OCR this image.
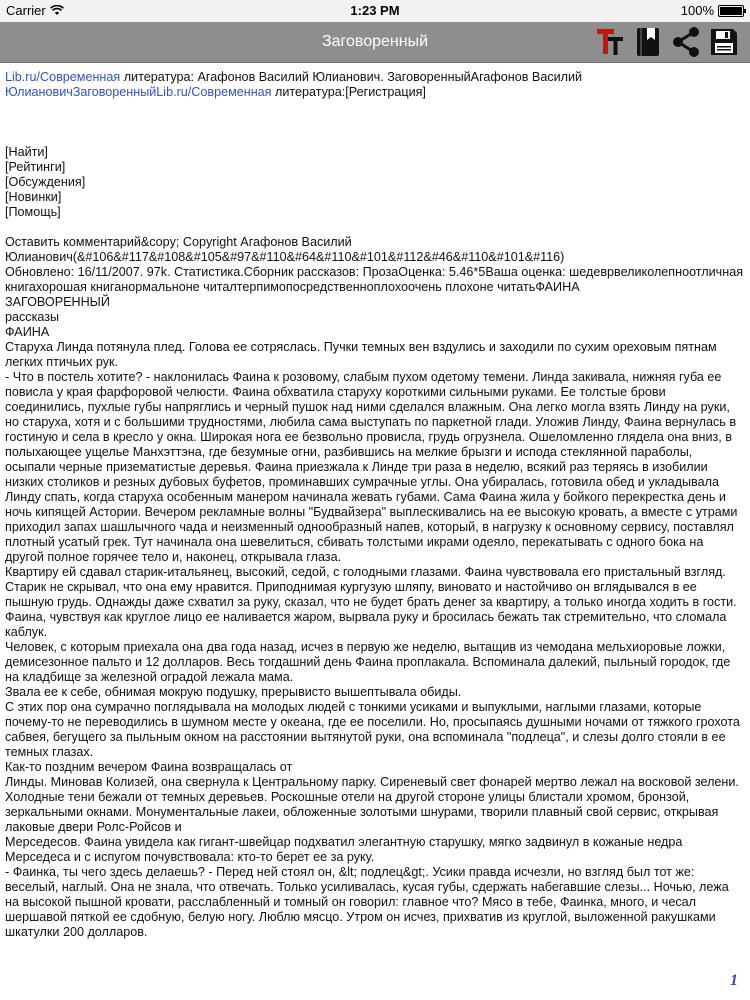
Carrier	1:23 PM	100%
Заговоренный

Lib.ru/Современная литература: Агафонов Василий Юлианович. ЗаговоренныйАгафонов Василий

ЮлиановичЗаговоренныйLib.ru/Современная литература:[Регистрация]

[Найти]

[Рейтинги]

[Обсуждения]

[Новинки]

[Помощь]

Оставить комментарий&copy; Copyright Агафонов Василий Юлианович(&#106&#117&#108&#105&#97&#110&#64&#110&#101&#112&#46&#110&#101&#116)

Обновлено: 16/11/2007. 97k. Статистика.Сборник рассказов: ПрозаОценка: 5.46*5Ваша оценка: шедеврвеликолепноотличная книгахорошая книганормальноне читалтерпимопосредственноплохоочень плохоне читатьФАИНА

ЗАГОВОРЕННЫЙ

рассказы

ФАИНА

Старуха Линда потянула плед. Голова ее сотряслась. Пучки темных вен вздулись и заходили по сухим ореховым пятнам легких птичьих рук.

- Что в постель хотите? - наклонилась Фаина к розовому, слабым пухом одетому темени. Линда закивала, нижняя губа ее повисла у края фарфоровой челюсти. Фаина обхватила старуху короткими сильными руками. Ее толстые брови соединились, пухлые губы напряглись и черный пушок над ними сделался влажным. Она легко могла взять Линду на руки, но старуха, хотя и с большими трудностями, любила сама выступать по паркетной глади. Уложив Линду, Фаина вернулась в гостиную и села в кресло у окна. Широкая нога ее безвольно провисла, грудь огрузнела. Ошеломленно глядела она вниз, в полыхающее ущелье Манхэттэна, где безумные огни, разбившись на мелкие брызги и испода стеклянной параболы, осыпали черные призематистые деревья. Фаина приезжала к Линде три раза в неделю, всякий раз теряясь в изобилии низких столиков и резных дубовых буфетов, проминавших сумрачные углы. Она убиралась, готовила обед и укладывала Линду спать, когда старуха особенным манером начинала жевать губами. Сама Фаина жила у бойкого перекрестка день и ночь кипящей Астории. Вечером рекламные волны "Будвайзера" выплескивались на ее высокую кровать, а вместе с утрами приходил запах шашлычного чада и неизменный однообразный напев, который, в нагрузку к основному сервису, поставлял плотный усатый грек. Тут начинала она шевелиться, сбивать толстыми икрами одеяло, перекатывать с одного бока на другой полное горячее тело и, наконец, открывала глаза.

Квартиру ей сдавал старик-итальянец, высокий, седой, с голодными глазами. Фаина чувствовала его пристальный взгляд. Старик не скрывал, что она ему нравится. Приподнимая кургузую шляпу, виновато и настойчиво он вглядывался в ее пышную грудь. Однажды даже схватил за руку, сказал, что не будет брать денег за квартиру, а только иногда ходить в гости. Фаина, чувствуя как круглое лицо ее наливается жаром, вырвала руку и бросилась бежать так стремительно, что сломала каблук.

Человек, с которым приехала она два года назад, исчез в первую же неделю, вытащив из чемодана мельхиоровые ложки, демисезонное пальто и 12 долларов. Весь тогдашний день Фаина проплакала. Вспоминала далекий, пыльный городок, где на кладбище за железной оградой лежала мама.

Звала ее к себе, обнимая мокрую подушку, прерывисто вышептывала обиды.

С этих пор она сумрачно поглядывала на молодых людей с тонкими усиками и выпуклыми, наглыми глазами, которые почему-то не переводились в шумном месте у океана, где ее поселили. Но, просыпаясь душными ночами от тяжкого грохота сабвея, бегущего за пыльным окном на расстоянии вытянутой руки, она вспоминала "подлеца", и слезы долго стояли в ее темных глазах.

Как-то поздним вечером Фаина возвращалась от

Линды. Миновав Колизей, она свернула к Центральному парку. Сиреневый свет фонарей мертво лежал на восковой зелени. Холодные тени бежали от темных деревьев. Роскошные отели на другой стороне улицы блистали хромом, бронзой, зеркальными окнами. Монументальные лакеи, обложенные золотыми шнурами, творили плавный свой сервис, открывая лаковые двери Ролс-Ройсов и

Мерседесов. Фаина увидела как гигант-швейцар подхватил элегантную старушку, мягко задвинул в кожаные недра Мерседеса и с испугом почувствовала: кто-то берет ее за руку.

- Фаинка, ты чего здесь делаешь? - Перед ней стоял он, &lt; подлец&gt;. Усики правда исчезли, но взгляд был тот же: веселый, наглый. Она не знала, что отвечать. Только усиливалась, кусая губы, сдержать набегавшие слезы... Ночью, лежа на высокой пышной кровати, расслабленный и томный он говорил: главное что? Мясо в тебе, Фаинка, много, и чесал шершавой пяткой ее сдобную, белую ногу. Люблю мясцо. Утром он исчез, прихватив из круглой, выложенной ракушками шкатулки 200 долларов.

1
